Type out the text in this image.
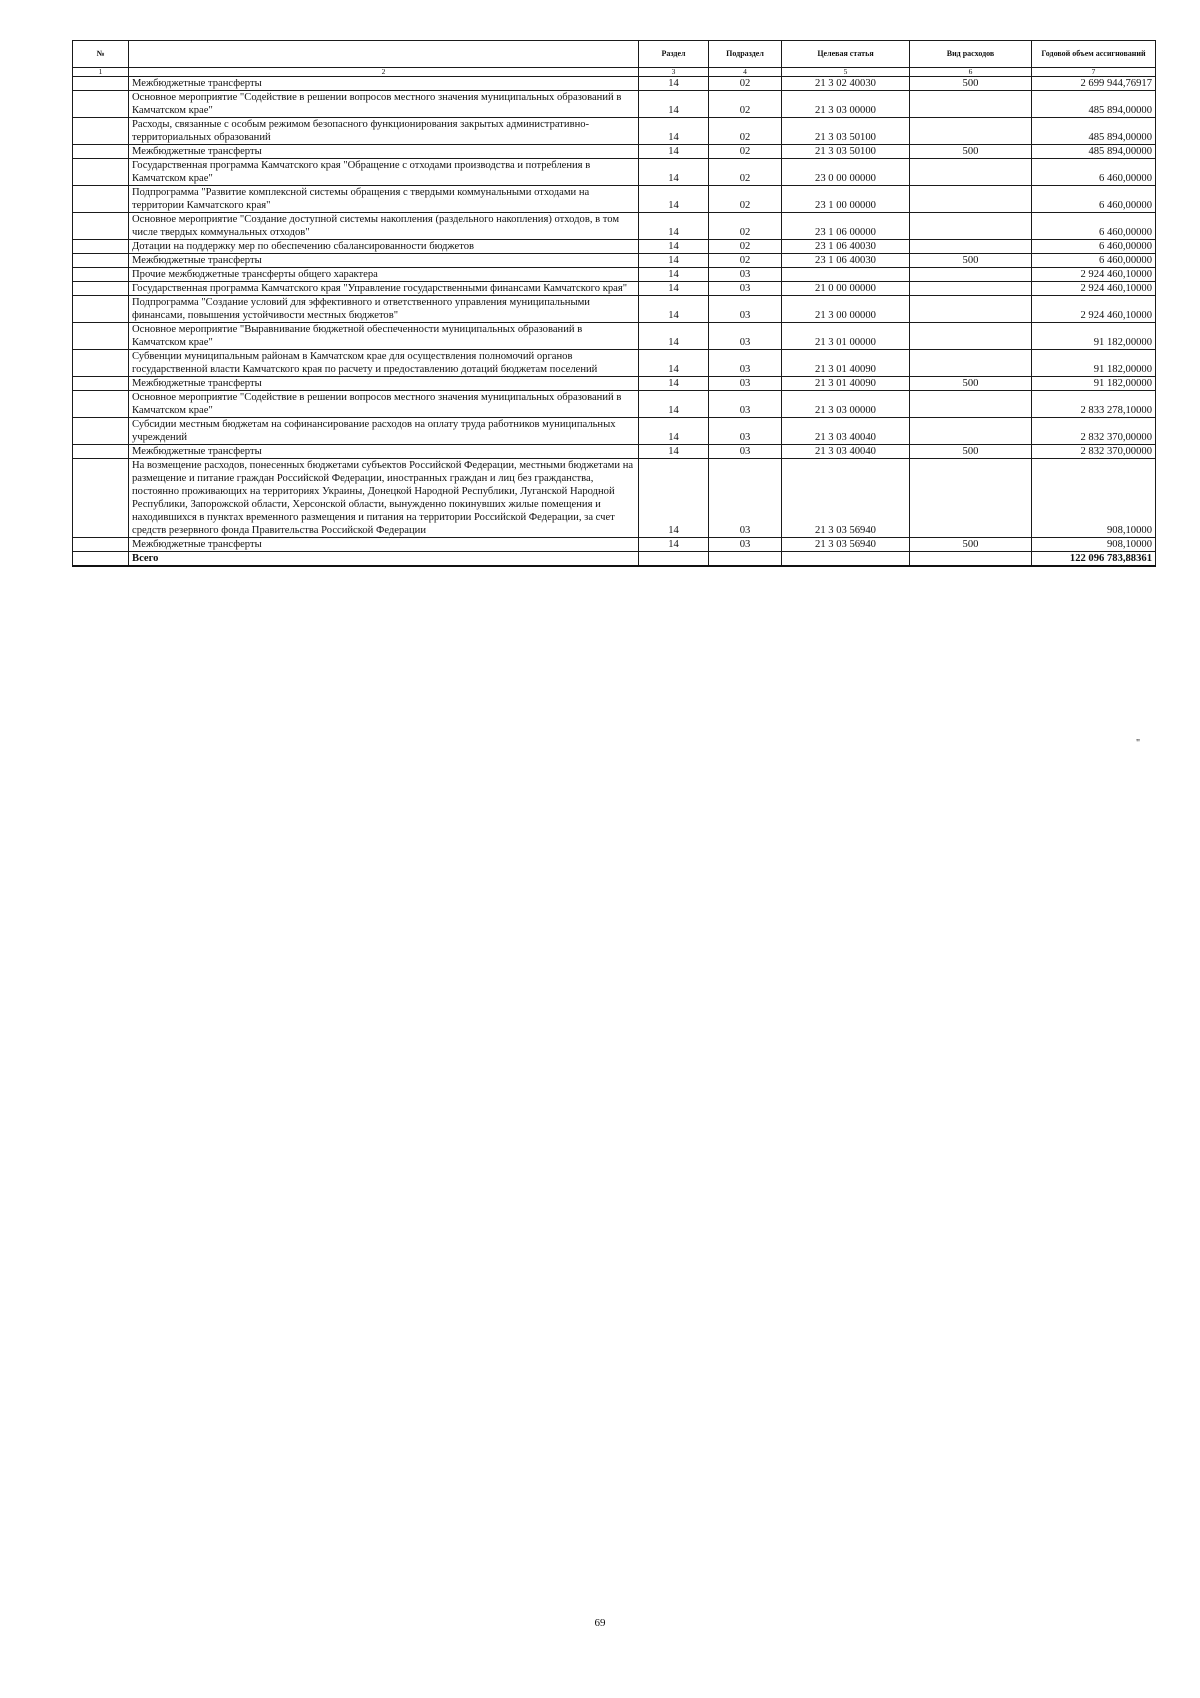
№		Раздел	Подраздел	Целевая статья	Вид расходов	Годовой объем ассигнований
1	2	3	4	5	6	7
	Межбюджетные трансферты	14	02	21 3 02 40030	500	2 699 944,76917
	Основное мероприятие "Содействие в решении вопросов местного значения муниципальных образований в Камчатском крае"	14	02	21 3 03 00000		485 894,00000
	Расходы, связанные с особым режимом безопасного функционирования закрытых административно-территориальных образований	14	02	21 3 03 50100		485 894,00000
	Межбюджетные трансферты	14	02	21 3 03 50100	500	485 894,00000
	Государственная программа Камчатского края "Обращение с отходами производства и потребления в Камчатском крае"	14	02	23 0 00 00000		6 460,00000
	Подпрограмма "Развитие комплексной системы обращения с твердыми коммунальными отходами на территории Камчатского края"	14	02	23 1 00 00000		6 460,00000
	Основное мероприятие "Создание доступной системы накопления (раздельного накопления) отходов, в том числе твердых коммунальных отходов"	14	02	23 1 06 00000		6 460,00000
	Дотации на поддержку мер по обеспечению сбалансированности бюджетов	14	02	23 1 06 40030		6 460,00000
	Межбюджетные трансферты	14	02	23 1 06 40030	500	6 460,00000
	Прочие межбюджетные трансферты общего характера	14	03			2 924 460,10000
	Государственная программа Камчатского края "Управление государственными финансами Камчатского края"	14	03	21 0 00 00000		2 924 460,10000
	Подпрограмма "Создание условий для эффективного и ответственного управления муниципальными финансами, повышения устойчивости местных бюджетов"	14	03	21 3 00 00000		2 924 460,10000
	Основное мероприятие "Выравнивание бюджетной обеспеченности муниципальных образований в Камчатском крае"	14	03	21 3 01 00000		91 182,00000
	Субвенции муниципальным районам в Камчатском крае для осуществления полномочий органов государственной власти Камчатского края по расчету и предоставлению дотаций бюджетам поселений	14	03	21 3 01 40090		91 182,00000
	Межбюджетные трансферты	14	03	21 3 01 40090	500	91 182,00000
	Основное мероприятие "Содействие в решении вопросов местного значения муниципальных образований в Камчатском крае"	14	03	21 3 03 00000		2 833 278,10000
	Субсидии местным бюджетам на софинансирование расходов на оплату труда работников муниципальных учреждений	14	03	21 3 03 40040		2 832 370,00000
	Межбюджетные трансферты	14	03	21 3 03 40040	500	2 832 370,00000
	На возмещение расходов, понесенных бюджетами субъектов Российской Федерации, местными бюджетами на размещение и питание граждан Российской Федерации, иностранных граждан и лиц без гражданства, постоянно проживающих на территориях Украины, Донецкой Народной Республики, Луганской Народной Республики, Запорожской области, Херсонской области, вынужденно покинувших жилые помещения и находившихся в пунктах временного размещения и питания на территории Российской Федерации, за счет средств резервного фонда Правительства Российской Федерации	14	03	21 3 03 56940		908,10000
	Межбюджетные трансферты	14	03	21 3 03 56940	500	908,10000
	Всего					122 096 783,88361
"
69
